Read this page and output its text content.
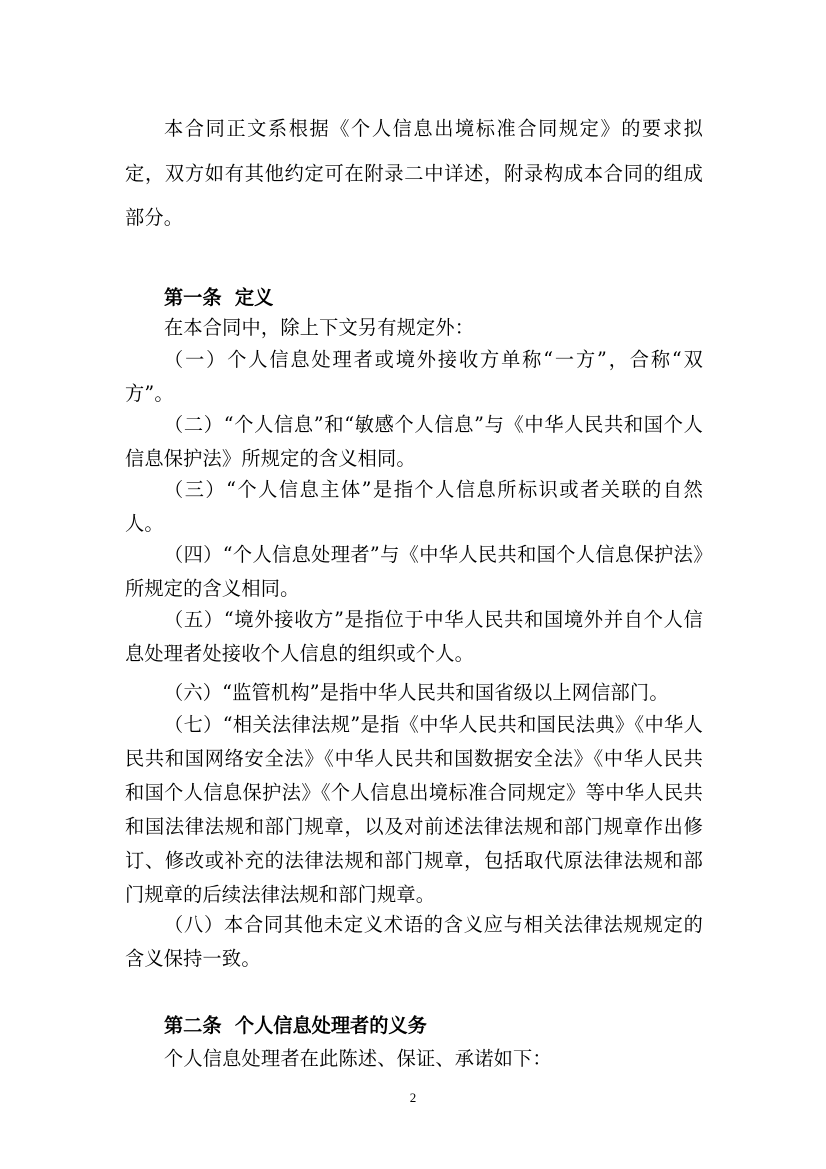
本合同正文系根据《个人信息出境标准合同规定》的要求拟定，双方如有其他约定可在附录二中详述，附录构成本合同的组成部分。

第一条  定义

在本合同中，除上下文另有规定外：

（一）个人信息处理者或境外接收方单称“一方”，合称“双方”。

（二）“个人信息”和“敏感个人信息”与《中华人民共和国个人信息保护法》所规定的含义相同。

（三）“个人信息主体”是指个人信息所标识或者关联的自然人。

（四）“个人信息处理者”与《中华人民共和国个人信息保护法》所规定的含义相同。

（五）“境外接收方”是指位于中华人民共和国境外并自个人信息处理者处接收个人信息的组织或个人。

（六）“监管机构”是指中华人民共和国省级以上网信部门。

（七）“相关法律法规”是指《中华人民共和国民法典》《中华人民共和国网络安全法》《中华人民共和国数据安全法》《中华人民共和国个人信息保护法》《个人信息出境标准合同规定》等中华人民共和国法律法规和部门规章，以及对前述法律法规和部门规章作出修订、修改或补充的法律法规和部门规章，包括取代原法律法规和部门规章的后续法律法规和部门规章。

（八）本合同其他未定义术语的含义应与相关法律法规规定的含义保持一致。

第二条  个人信息处理者的义务

个人信息处理者在此陈述、保证、承诺如下：

2
